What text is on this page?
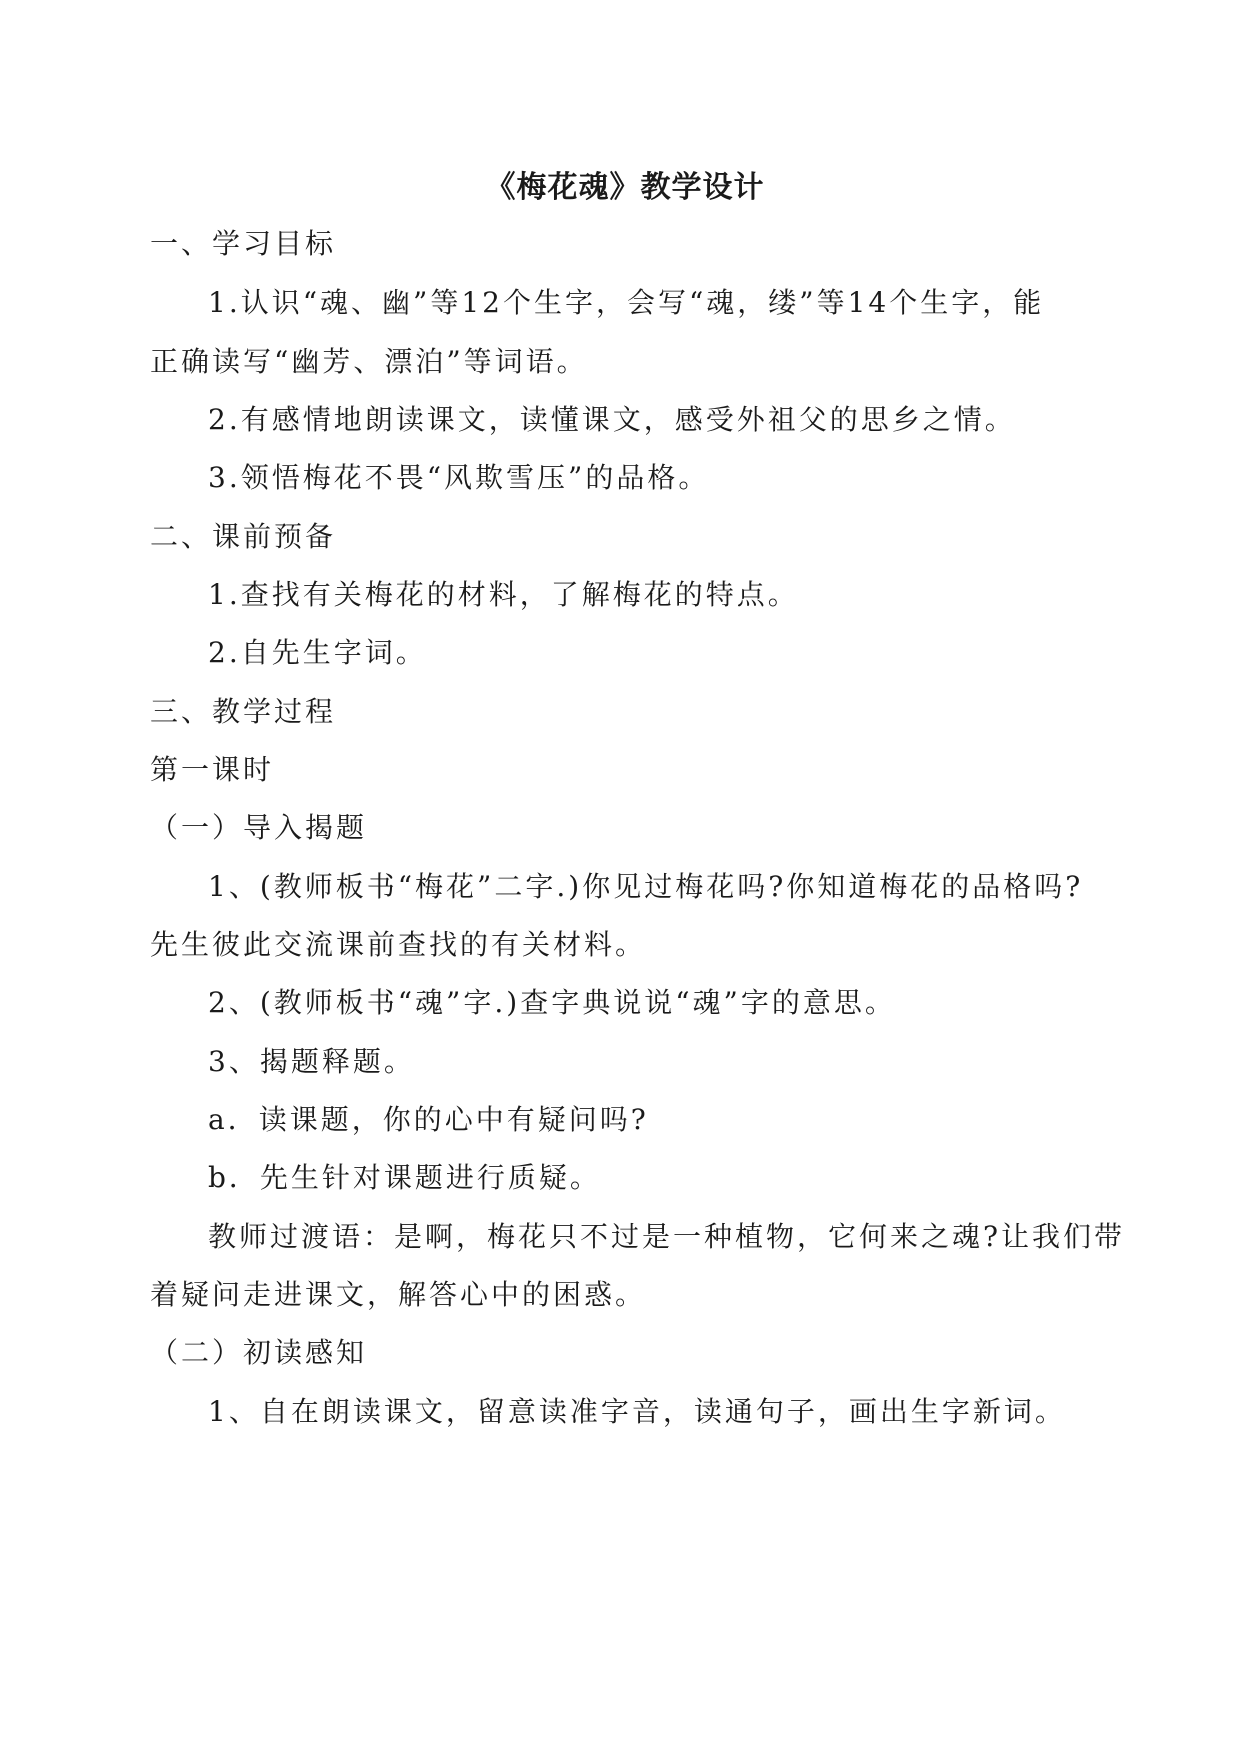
《梅花魂》教学设计
一、学习目标
1.认识“魂、幽”等12个生字，会写“魂，缕”等14个生字，能
正确读写“幽芳、漂泊”等词语。
2.有感情地朗读课文，读懂课文，感受外祖父的思乡之情。
3.领悟梅花不畏“风欺雪压”的品格。
二、课前预备
1.查找有关梅花的材料，了解梅花的特点。
2.自先生字词。
三、教学过程
第一课时
（一）导入揭题
1、(教师板书“梅花”二字.)你见过梅花吗?你知道梅花的品格吗?
先生彼此交流课前查找的有关材料。
2、(教师板书“魂”字.)查字典说说“魂”字的意思。
3、揭题释题。
a．读课题，你的心中有疑问吗?
b．先生针对课题进行质疑。
教师过渡语：是啊，梅花只不过是一种植物，它何来之魂?让我们带
着疑问走进课文，解答心中的困惑。
（二）初读感知
1、自在朗读课文，留意读准字音，读通句子，画出生字新词。
